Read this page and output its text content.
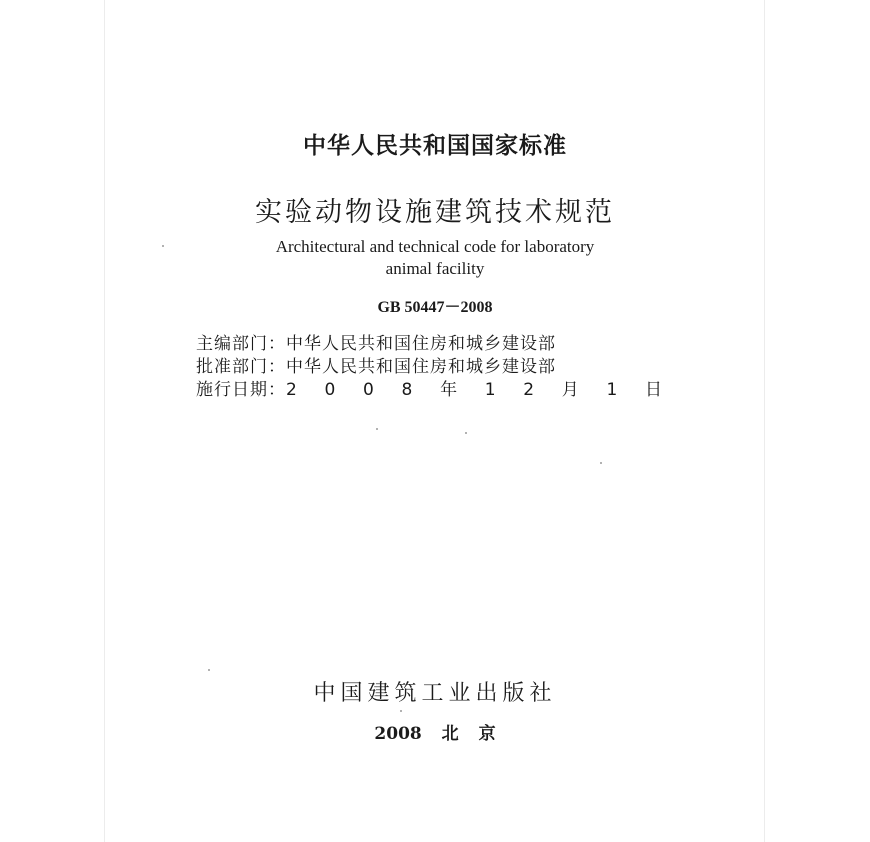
中华人民共和国国家标准
实验动物设施建筑技术规范
Architectural and technical code for laboratory
animal facility
GB 50447－2008
主编部门： 中华人民共和国住房和城乡建设部
批准部门： 中华人民共和国住房和城乡建设部
施行日期： 2 0 0 8 年 1 2 月 1 日
中国建筑工业出版社
2008 北 京
